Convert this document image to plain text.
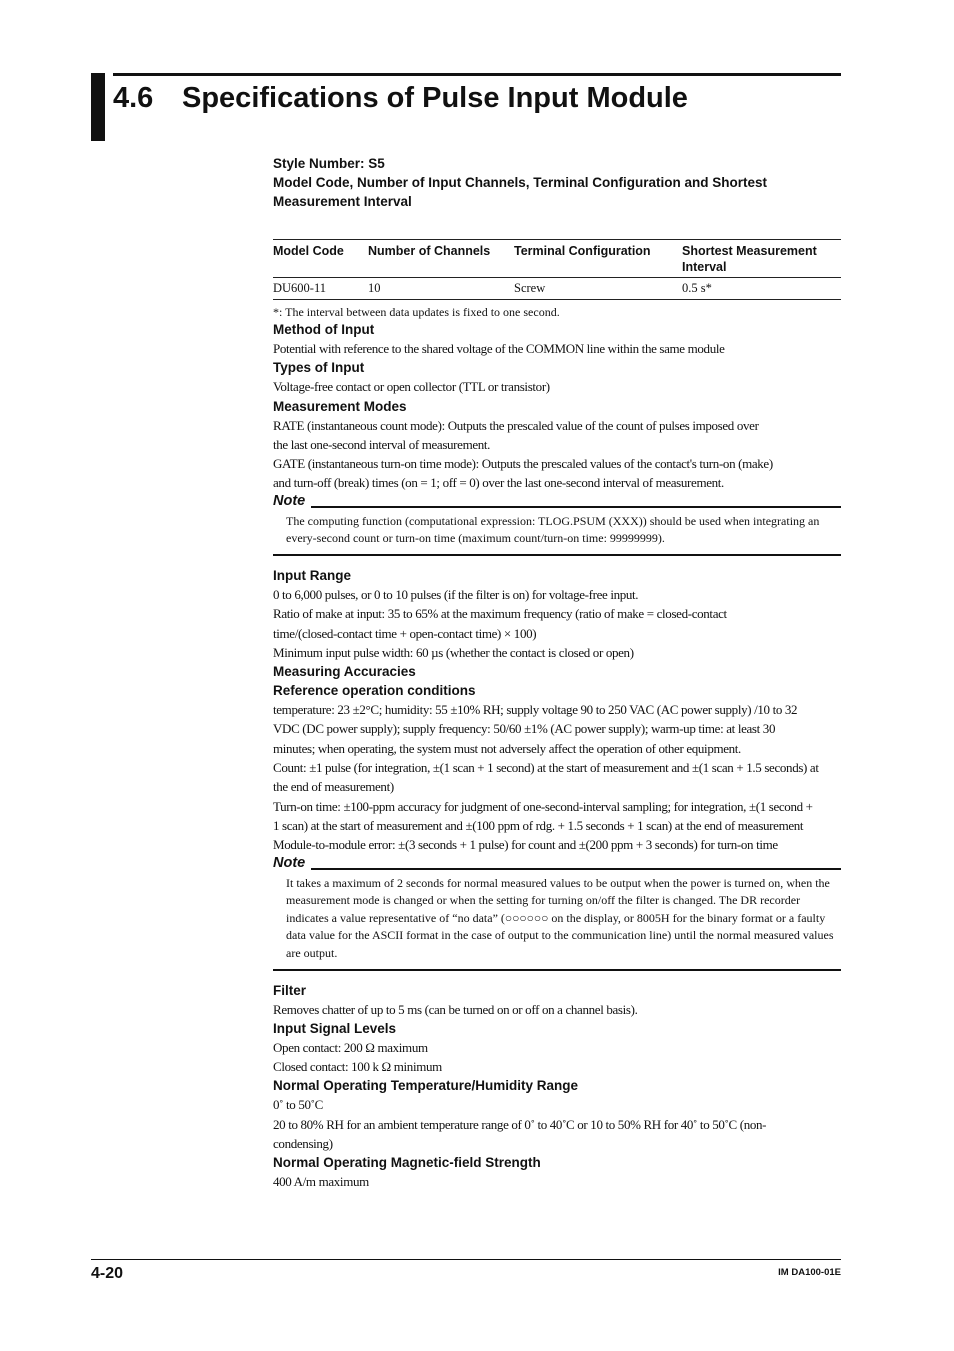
4.6 Specifications of Pulse Input Module

Style Number: S5

Model Code, Number of Input Channels, Terminal Configuration and Shortest Measurement Interval

Model Code	Number of Channels	Terminal Configuration	Shortest Measurement Interval
DU600-11	10	Screw	0.5 s*

*: The interval between data updates is fixed to one second.

Method of Input

Potential with reference to the shared voltage of the COMMON line within the same module

Types of Input

Voltage-free contact or open collector (TTL or transistor)

Measurement Modes

RATE (instantaneous count mode): Outputs the prescaled value of the count of pulses imposed over the last one-second interval of measurement.

GATE (instantaneous turn-on time mode): Outputs the prescaled values of the contact's turn-on (make) and turn-off (break) times (on = 1; off = 0) over the last one-second interval of measurement.

Note
The computing function (computational expression: TLOG.PSUM (XXX)) should be used when integrating an every-second count or turn-on time (maximum count/turn-on time: 99999999).

Input Range

0 to 6,000 pulses, or 0 to 10 pulses (if the filter is on) for voltage-free input.

Ratio of make at input: 35 to 65% at the maximum frequency (ratio of make = closed-contact time/(closed-contact time + open-contact time) × 100)

Minimum input pulse width: 60 µs (whether the contact is closed or open)

Measuring Accuracies

Reference operation conditions

temperature: 23 ±2°C; humidity: 55 ±10% RH; supply voltage 90 to 250 VAC (AC power supply) /10 to 32 VDC (DC power supply); supply frequency: 50/60 ±1% (AC power supply); warm-up time: at least 30 minutes; when operating, the system must not adversely affect the operation of other equipment.

Count: ±1 pulse (for integration, ±(1 scan + 1 second) at the start of measurement and ±(1 scan + 1.5 seconds) at the end of measurement)

Turn-on time: ±100-ppm accuracy for judgment of one-second-interval sampling; for integration, ±(1 second + 1 scan) at the start of measurement and ±(100 ppm of rdg. + 1.5 seconds + 1 scan) at the end of measurement

Module-to-module error: ±(3 seconds + 1 pulse) for count and ±(200 ppm + 3 seconds) for turn-on time

Note
It takes a maximum of 2 seconds for normal measured values to be output when the power is turned on, when the measurement mode is changed or when the setting for turning on/off the filter is changed. The DR recorder indicates a value representative of “no data” (○○○○○○ on the display, or 8005H for the binary format or a faulty data value for the ASCII format in the case of output to the communication line) until the normal measured values are output.

Filter

Removes chatter of up to 5 ms (can be turned on or off on a channel basis).

Input Signal Levels

Open contact: 200 Ω maximum

Closed contact: 100 k Ω minimum

Normal Operating Temperature/Humidity Range

0˚ to 50˚C

20 to 80% RH for an ambient temperature range of 0˚ to 40˚C or 10 to 50% RH for 40˚ to 50˚C (non-condensing)

Normal Operating Magnetic-field Strength

400 A/m maximum

4-20	IM DA100-01E
